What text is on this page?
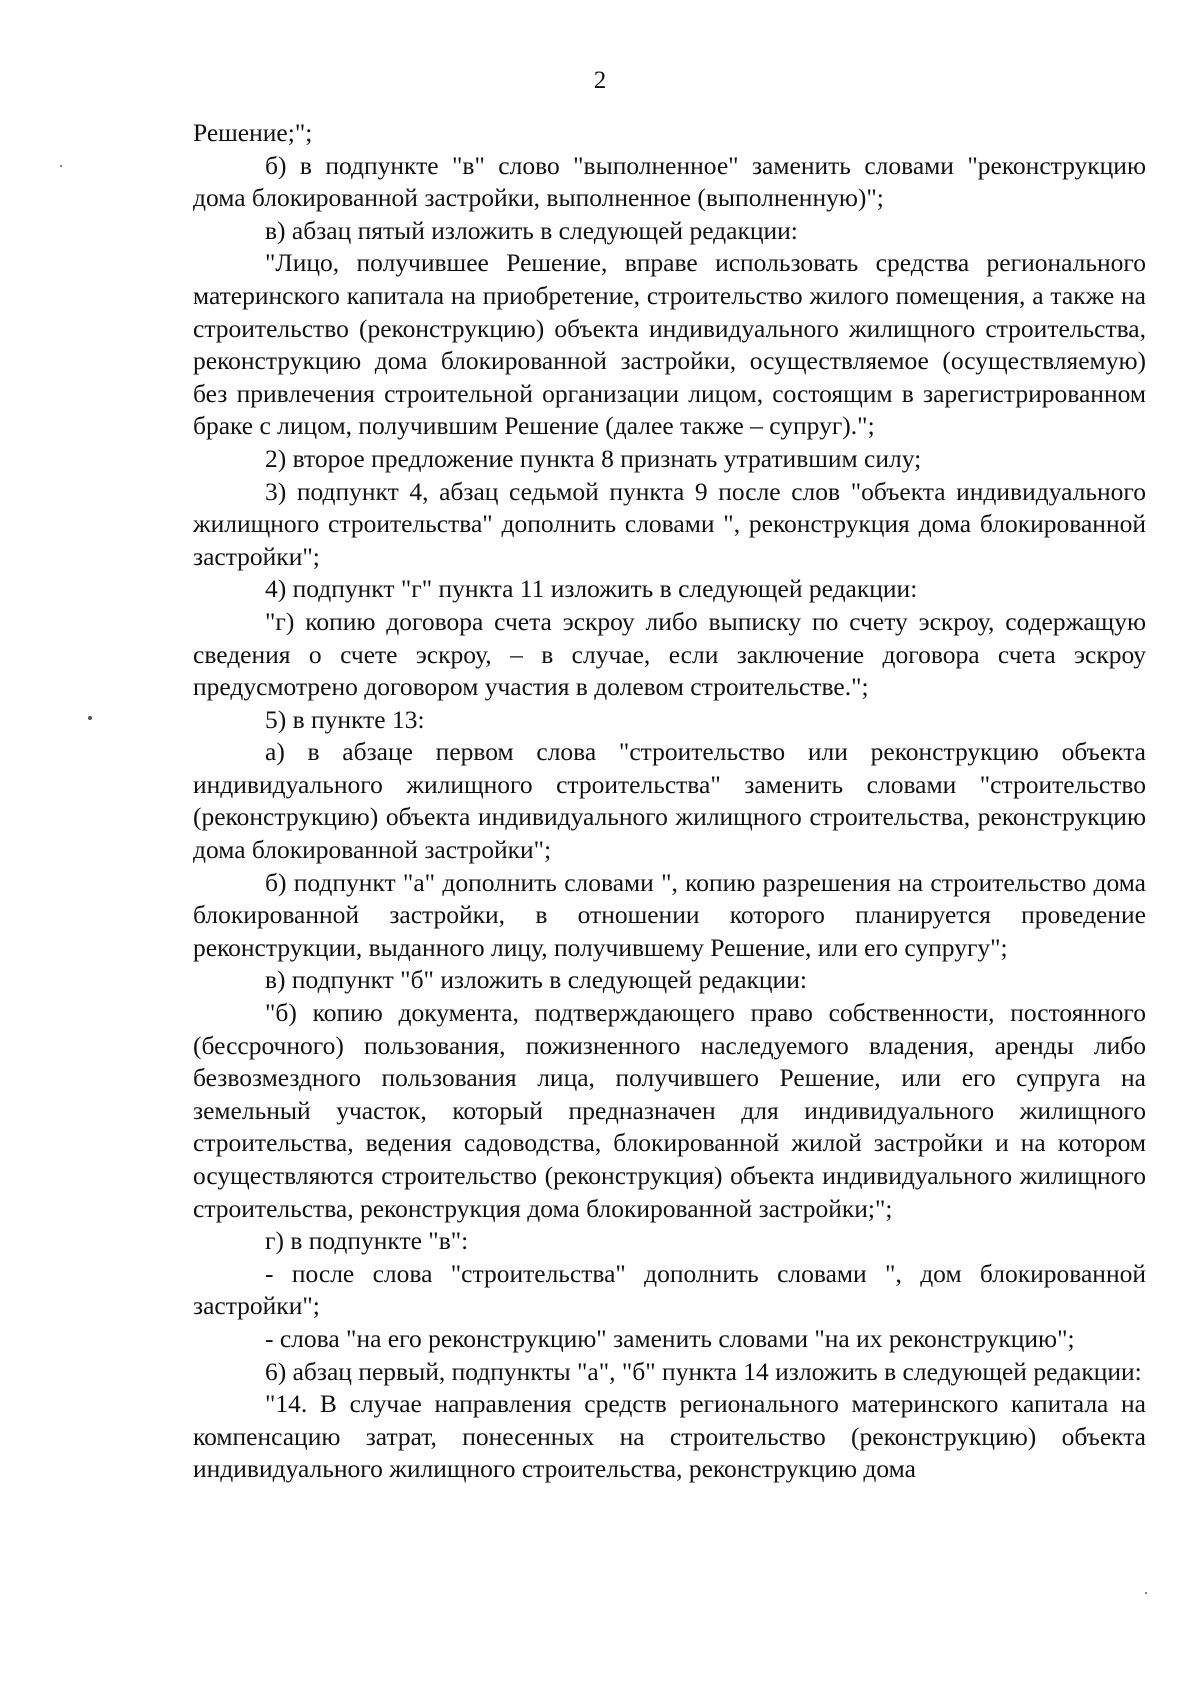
2

Решение;";

б) в подпункте "в" слово "выполненное" заменить словами "реконструкцию дома блокированной застройки, выполненное (выполненную)";

в) абзац пятый изложить в следующей редакции:

"Лицо, получившее Решение, вправе использовать средства регионального материнского капитала на приобретение, строительство жилого помещения, а также на строительство (реконструкцию) объекта индивидуального жилищного строительства, реконструкцию дома блокированной застройки, осуществляемое (осуществляемую) без привлечения строительной организации лицом, состоящим в зарегистрированном браке с лицом, получившим Решение (далее также – супруг).";

2) второе предложение пункта 8 признать утратившим силу;

3) подпункт 4, абзац седьмой пункта 9 после слов "объекта индивидуального жилищного строительства" дополнить словами ", реконструкция дома блокированной застройки";

4) подпункт "г" пункта 11 изложить в следующей редакции:

"г) копию договора счета эскроу либо выписку по счету эскроу, содержащую сведения о счете эскроу, – в случае, если заключение договора счета эскроу предусмотрено договором участия в долевом строительстве.";

5) в пункте 13:

а) в абзаце первом слова "строительство или реконструкцию объекта индивидуального жилищного строительства" заменить словами "строительство (реконструкцию) объекта индивидуального жилищного строительства, реконструкцию дома блокированной застройки";

б) подпункт "а" дополнить словами ", копию разрешения на строительство дома блокированной застройки, в отношении которого планируется проведение реконструкции, выданного лицу, получившему Решение, или его супругу";

в) подпункт "б" изложить в следующей редакции:

"б) копию документа, подтверждающего право собственности, постоянного (бессрочного) пользования, пожизненного наследуемого владения, аренды либо безвозмездного пользования лица, получившего Решение, или его супруга на земельный участок, который предназначен для индивидуального жилищного строительства, ведения садоводства, блокированной жилой застройки и на котором осуществляются строительство (реконструкция) объекта индивидуального жилищного строительства, реконструкция дома блокированной застройки;";

г) в подпункте "в":

- после слова "строительства" дополнить словами ", дом блокированной застройки";

- слова "на его реконструкцию" заменить словами "на их реконструкцию";

6) абзац первый, подпункты "а", "б" пункта 14 изложить в следующей редакции:

"14. В случае направления средств регионального материнского капитала на компенсацию затрат, понесенных на строительство (реконструкцию) объекта индивидуального жилищного строительства, реконструкцию дома
